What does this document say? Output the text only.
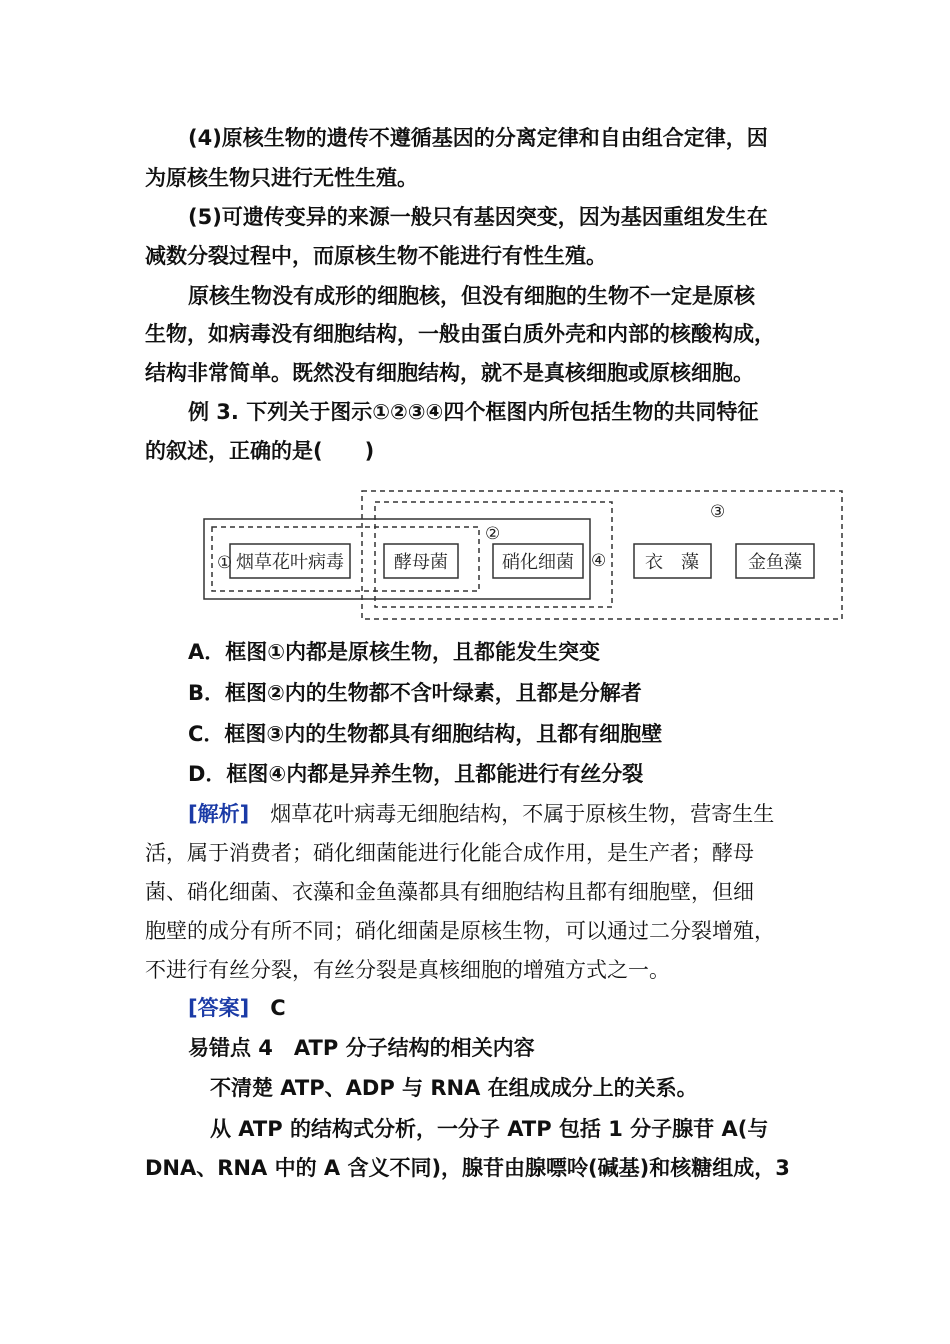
(4)原核生物的遗传不遵循基因的分离定律和自由组合定律，因
为原核生物只进行无性生殖。
(5)可遗传变异的来源一般只有基因突变，因为基因重组发生在
减数分裂过程中，而原核生物不能进行有性生殖。
原核生物没有成形的细胞核，但没有细胞的生物不一定是原核
生物，如病毒没有细胞结构，一般由蛋白质外壳和内部的核酸构成，
结构非常简单。既然没有细胞结构，就不是真核细胞或原核细胞。
例 3. 下列关于图示①②③④四个框图内所包括生物的共同特征
的叙述，正确的是(　　)
烟草花叶病毒	酵母菌	硝化细菌	衣　藻	金鱼藻
①
②
③
④
A．框图①内都是原核生物，且都能发生突变
B．框图②内的生物都不含叶绿素，且都是分解者
C．框图③内的生物都具有细胞结构，且都有细胞壁
D．框图④内都是异养生物，且都能进行有丝分裂
[解析]　烟草花叶病毒无细胞结构，不属于原核生物，营寄生生
活，属于消费者；硝化细菌能进行化能合成作用，是生产者；酵母
菌、硝化细菌、衣藻和金鱼藻都具有细胞结构且都有细胞壁，但细
胞壁的成分有所不同；硝化细菌是原核生物，可以通过二分裂增殖，
不进行有丝分裂，有丝分裂是真核细胞的增殖方式之一。
[答案]　C
易错点 4　ATP 分子结构的相关内容
不清楚 ATP、ADP 与 RNA 在组成成分上的关系。
从 ATP 的结构式分析，一分子 ATP 包括 1 分子腺苷 A(与
DNA、RNA 中的 A 含义不同)，腺苷由腺嘌呤(碱基)和核糖组成，3
